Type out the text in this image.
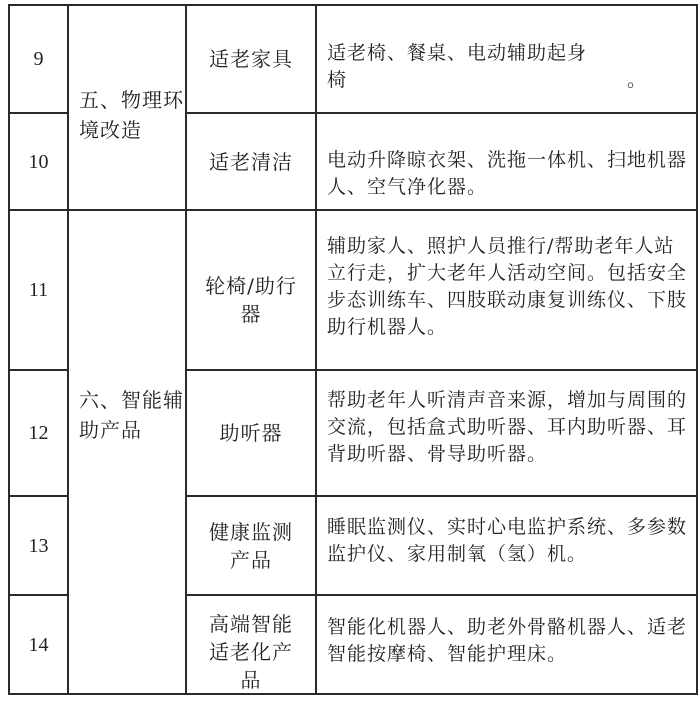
9
10
11
12
13
14
五、物理环境改造
六、智能辅助产品
适老家具
适老清洁
轮椅/助行器
助听器
健康监测产品
高端智能适老化产品
适老椅、餐桌、电动辅助起身椅　　　　　　　　　　　　　　。
电动升降晾衣架、洗拖一体机、扫地机器人、空气净化器。
辅助家人、照护人员推行/帮助老年人站立行走，扩大老年人活动空间。包括安全步态训练车、四肢联动康复训练仪、下肢助行机器人。
帮助老年人听清声音来源，增加与周围的交流，包括盒式助听器、耳内助听器、耳背助听器、骨导助听器。
睡眠监测仪、实时心电监护系统、多参数监护仪、家用制氧（氢）机。
智能化机器人、助老外骨骼机器人、适老智能按摩椅、智能护理床。
